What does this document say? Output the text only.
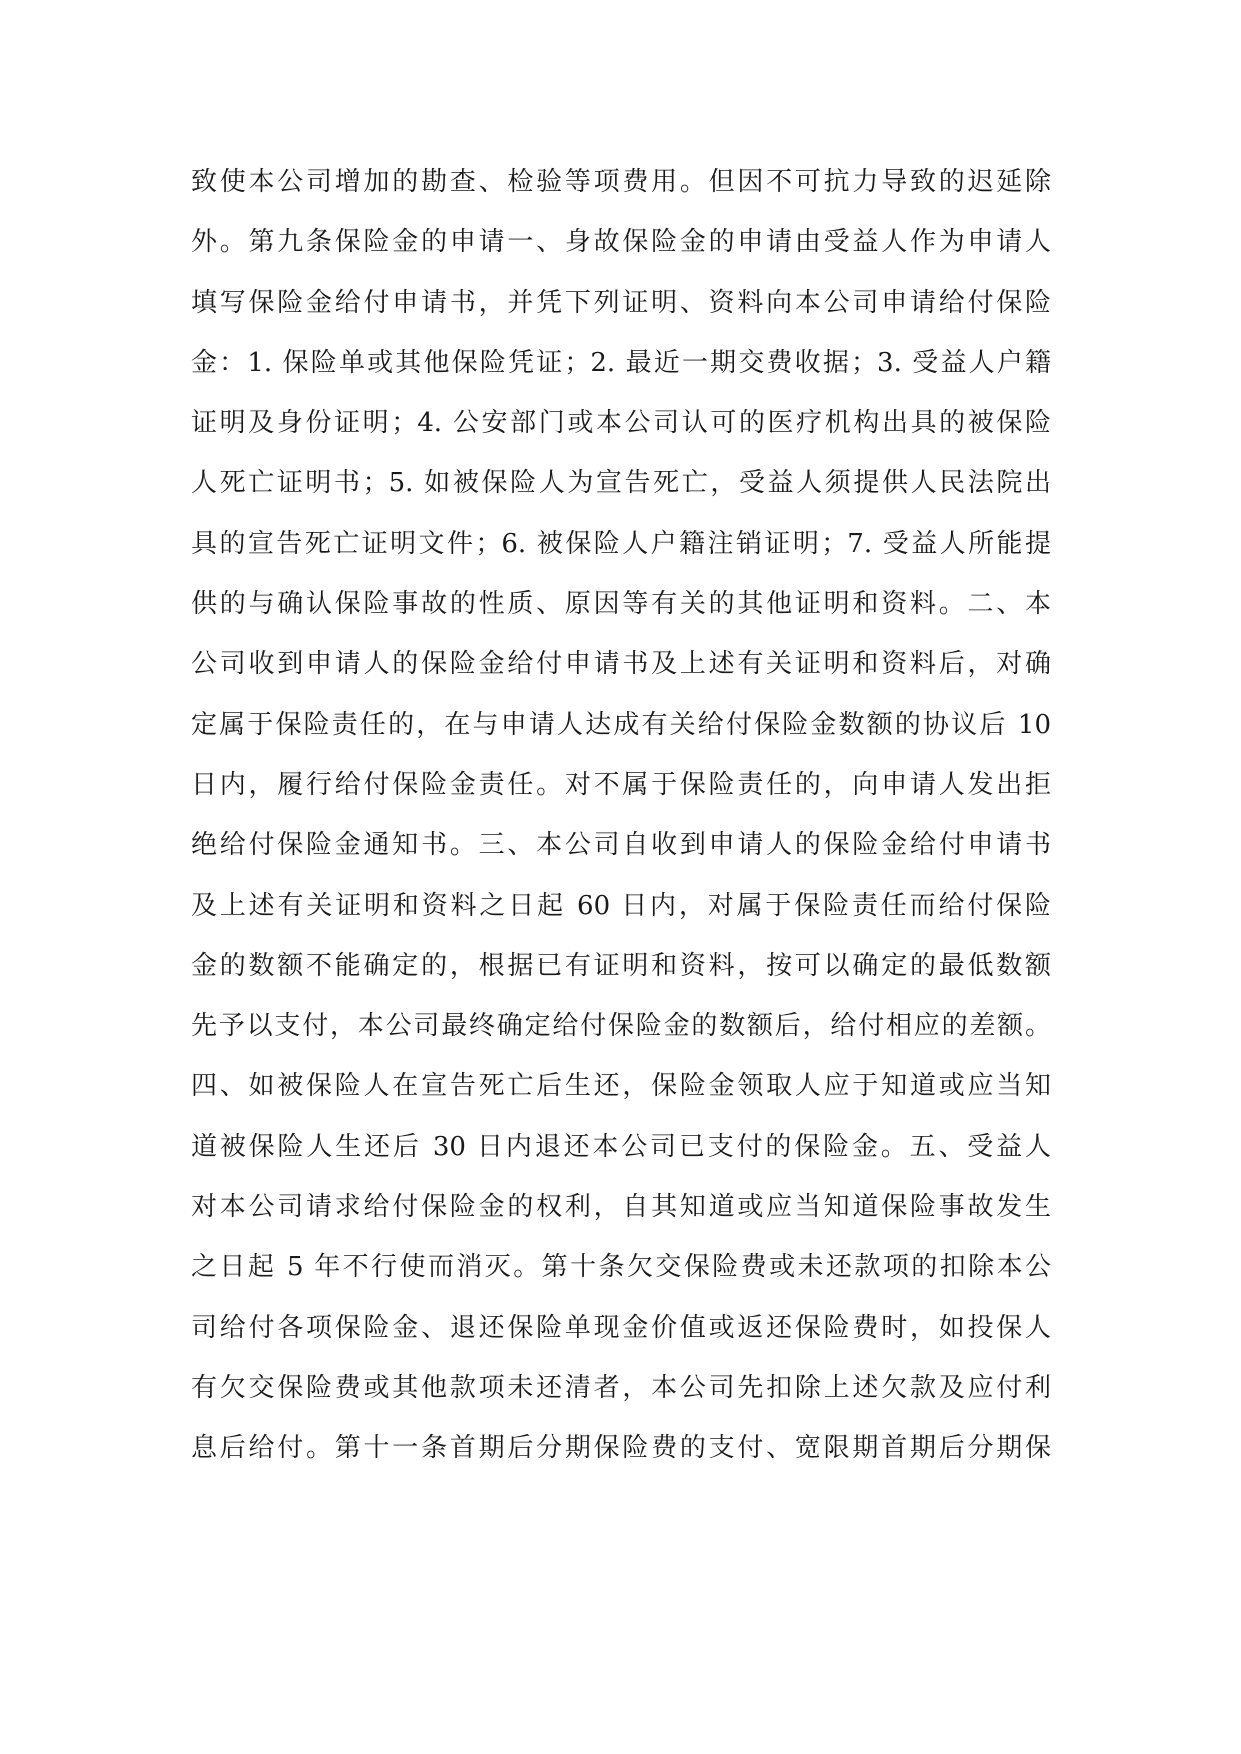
致使本公司增加的勘查、检验等项费用。但因不可抗力导致的迟延除
外。第九条保险金的申请一、身故保险金的申请由受益人作为申请人
填写保险金给付申请书，并凭下列证明、资料向本公司申请给付保险
金：1. 保险单或其他保险凭证；2. 最近一期交费收据；3. 受益人户籍
证明及身份证明；4. 公安部门或本公司认可的医疗机构出具的被保险
人死亡证明书；5. 如被保险人为宣告死亡，受益人须提供人民法院出
具的宣告死亡证明文件；6. 被保险人户籍注销证明；7. 受益人所能提
供的与确认保险事故的性质、原因等有关的其他证明和资料。二、本
公司收到申请人的保险金给付申请书及上述有关证明和资料后，对确
定属于保险责任的，在与申请人达成有关给付保险金数额的协议后 10
日内，履行给付保险金责任。对不属于保险责任的，向申请人发出拒
绝给付保险金通知书。三、本公司自收到申请人的保险金给付申请书
及上述有关证明和资料之日起 60 日内，对属于保险责任而给付保险
金的数额不能确定的，根据已有证明和资料，按可以确定的最低数额
先予以支付，本公司最终确定给付保险金的数额后，给付相应的差额。
四、如被保险人在宣告死亡后生还，保险金领取人应于知道或应当知
道被保险人生还后 30 日内退还本公司已支付的保险金。五、受益人
对本公司请求给付保险金的权利，自其知道或应当知道保险事故发生
之日起 5 年不行使而消灭。第十条欠交保险费或未还款项的扣除本公
司给付各项保险金、退还保险单现金价值或返还保险费时，如投保人
有欠交保险费或其他款项未还清者，本公司先扣除上述欠款及应付利
息后给付。第十一条首期后分期保险费的支付、宽限期首期后分期保
